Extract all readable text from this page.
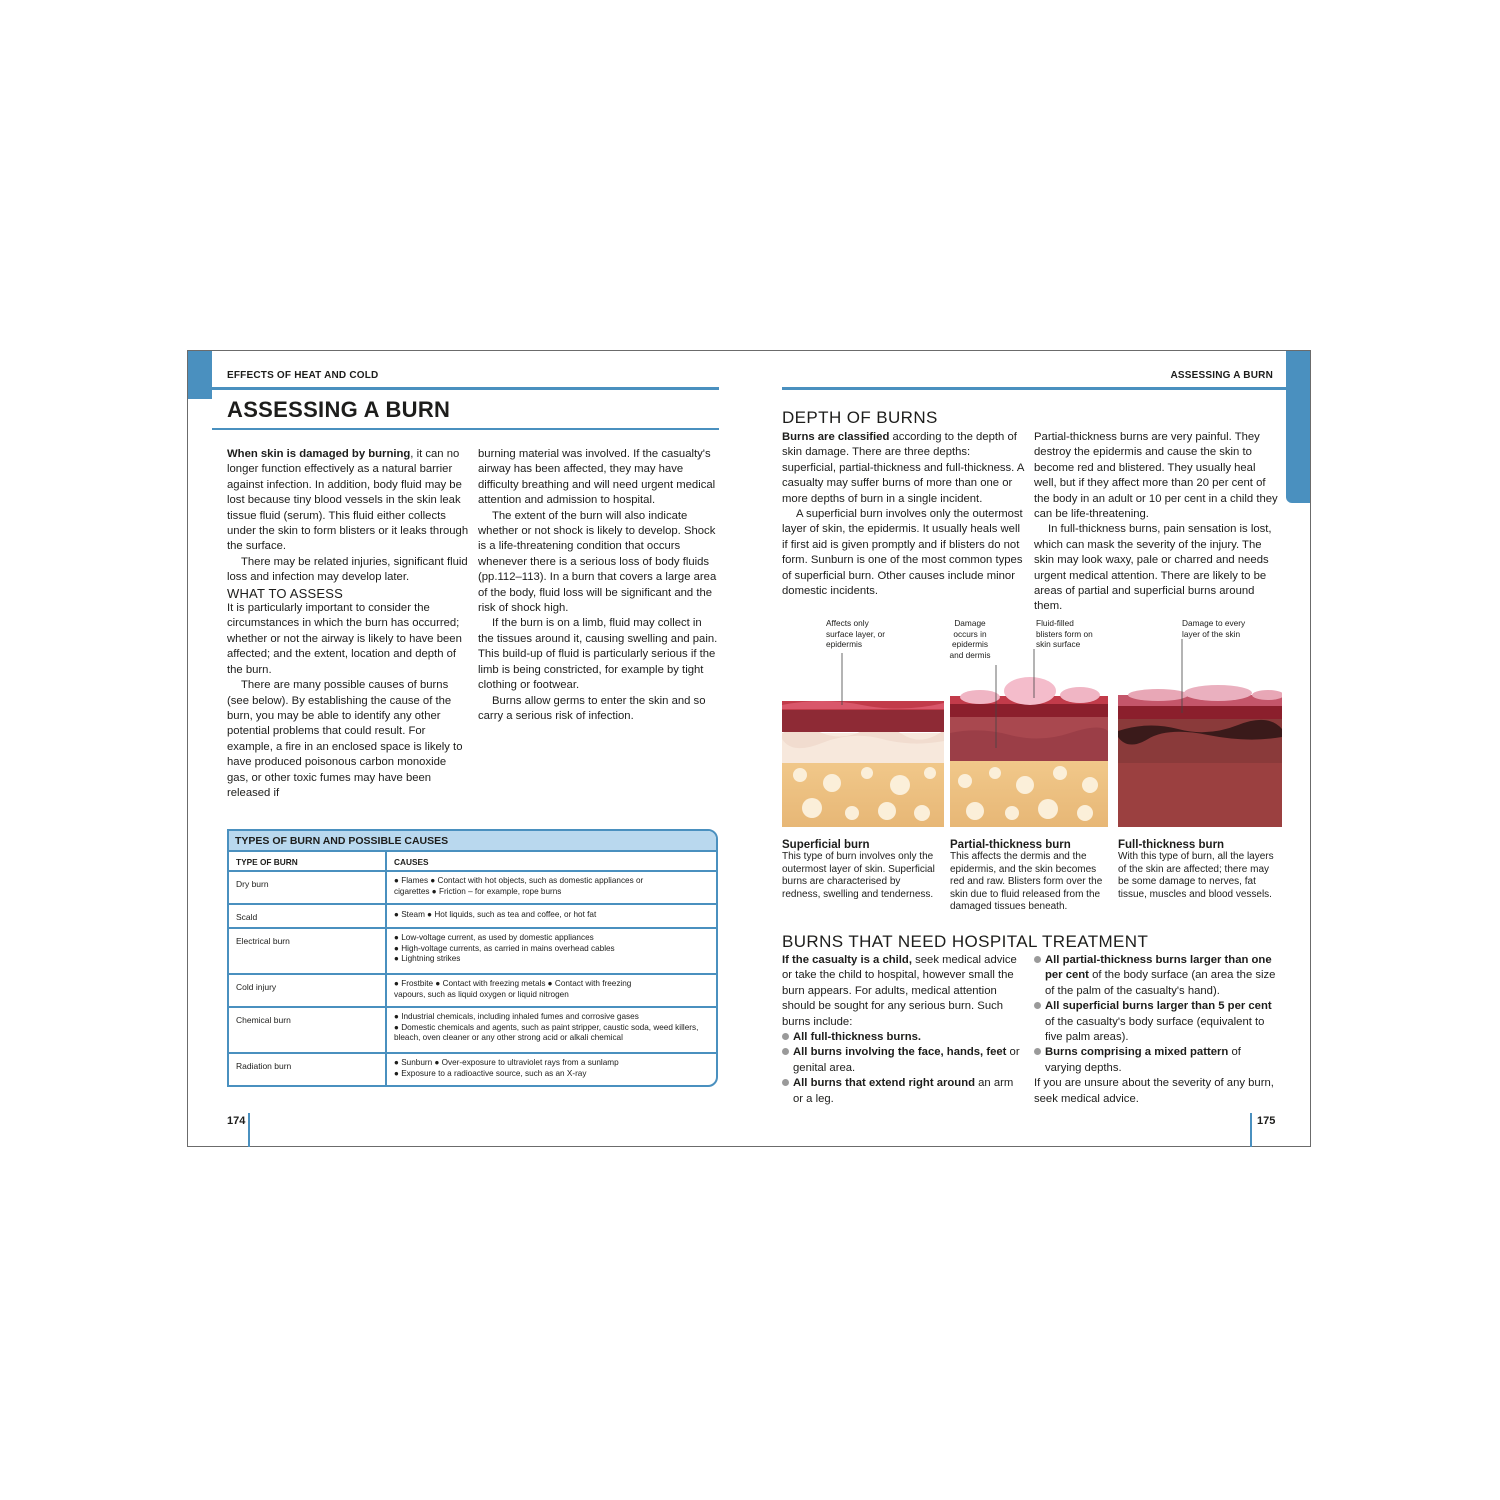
EFFECTS OF HEAT AND COLD
ASSESSING A BURN

When skin is damaged by burning, it can no longer function effectively as a natural barrier against infection. In addition, body fluid may be lost because tiny blood vessels in the skin leak tissue fluid (serum). This fluid either collects under the skin to form blisters or it leaks through the surface.

There may be related injuries, significant fluid loss and infection may develop later.

WHAT TO ASSESS

It is particularly important to consider the circumstances in which the burn has occurred; whether or not the airway is likely to have been affected; and the extent, location and depth of the burn.

There are many possible causes of burns (see below). By establishing the cause of the burn, you may be able to identify any other potential problems that could result. For example, a fire in an enclosed space is likely to have produced poisonous carbon monoxide gas, or other toxic fumes may have been released if

burning material was involved. If the casualty's airway has been affected, they may have difficulty breathing and will need urgent medical attention and admission to hospital.

The extent of the burn will also indicate whether or not shock is likely to develop. Shock is a life-threatening condition that occurs whenever there is a serious loss of body fluids (pp.112–113). In a burn that covers a large area of the body, fluid loss will be significant and the risk of shock high.

If the burn is on a limb, fluid may collect in the tissues around it, causing swelling and pain. This build-up of fluid is particularly serious if the limb is being constricted, for example by tight clothing or footwear.

Burns allow germs to enter the skin and so carry a serious risk of infection.

TYPES OF BURN AND POSSIBLE CAUSES
TYPE OF BURN	CAUSES
Dry burn	● Flames ● Contact with hot objects, such as domestic appliances or
cigarettes ● Friction – for example, rope burns
Scald	● Steam ● Hot liquids, such as tea and coffee, or hot fat
Electrical burn	● Low-voltage current, as used by domestic appliances
● High-voltage currents, as carried in mains overhead cables
● Lightning strikes
Cold injury	● Frostbite ● Contact with freezing metals ● Contact with freezing
vapours, such as liquid oxygen or liquid nitrogen
Chemical burn	● Industrial chemicals, including inhaled fumes and corrosive gases
● Domestic chemicals and agents, such as paint stripper, caustic soda, weed killers,
bleach, oven cleaner or any other strong acid or alkali chemical
Radiation burn	● Sunburn ● Over-exposure to ultraviolet rays from a sunlamp
● Exposure to a radioactive source, such as an X-ray
174
ASSESSING A BURN
DEPTH OF BURNS

Burns are classified according to the depth of skin damage. There are three depths: superficial, partial-thickness and full-thickness. A casualty may suffer burns of more than one or more depths of burn in a single incident.

A superficial burn involves only the outermost layer of skin, the epidermis. It usually heals well if first aid is given promptly and if blisters do not form. Sunburn is one of the most common types of superficial burn. Other causes include minor domestic incidents.

Partial-thickness burns are very painful. They destroy the epidermis and cause the skin to become red and blistered. They usually heal well, but if they affect more than 20 per cent of the body in an adult or 10 per cent in a child they can be life-threatening.

In full-thickness burns, pain sensation is lost, which can mask the severity of the injury. The skin may look waxy, pale or charred and needs urgent medical attention. There are likely to be areas of partial and superficial burns around them.

Affects only surface layer, or epidermis
Damage occurs in epidermis and dermis
Fluid-filled blisters form on skin surface
Damage to every layer of the skin
Superficial burn
This type of burn involves only the outermost layer of skin. Superficial burns are characterised by redness, swelling and tenderness.
Partial-thickness burn
This affects the dermis and the epidermis, and the skin becomes red and raw. Blisters form over the skin due to fluid released from the damaged tissues beneath.
Full-thickness burn
With this type of burn, all the layers of the skin are affected; there may be some damage to nerves, fat tissue, muscles and blood vessels.
BURNS THAT NEED HOSPITAL TREATMENT

If the casualty is a child, seek medical advice or take the child to hospital, however small the burn appears. For adults, medical attention should be sought for any serious burn. Such burns include:

All full-thickness burns.

All burns involving the face, hands, feet or genital area.

All burns that extend right around an arm or a leg.

All partial-thickness burns larger than one per cent of the body surface (an area the size of the palm of the casualty's hand).

All superficial burns larger than 5 per cent of the casualty's body surface (equivalent to five palm areas).

Burns comprising a mixed pattern of varying depths.

If you are unsure about the severity of any burn, seek medical advice.

175
